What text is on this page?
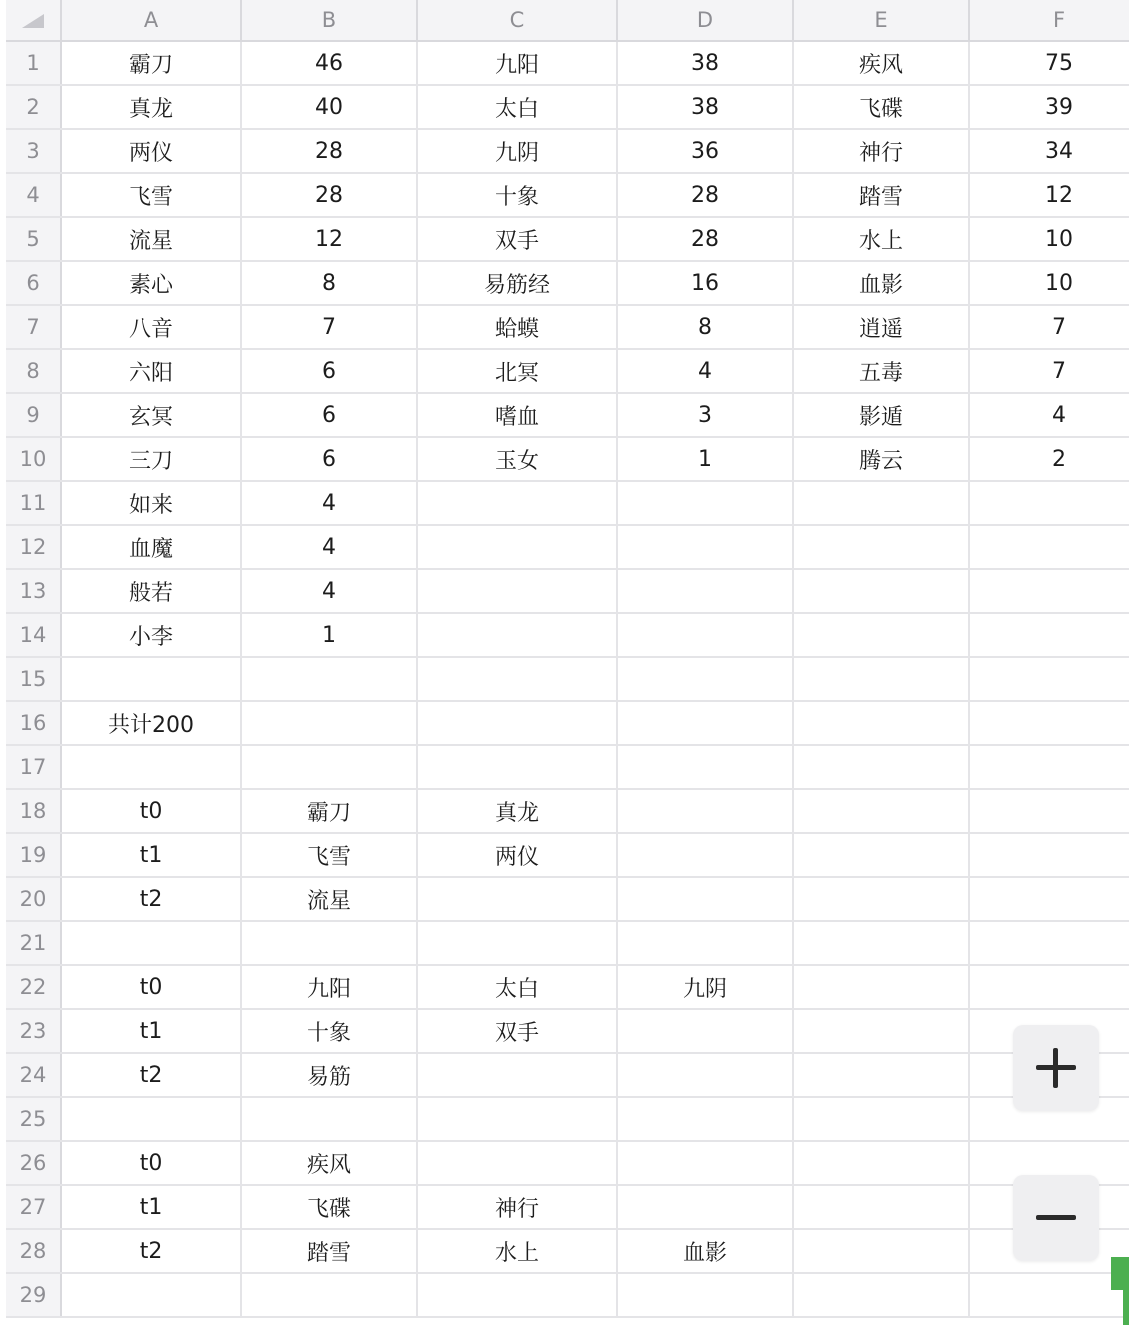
A	B	C	D	E	F
1	霸刀	46	九阳	38	疾风	75
2	真龙	40	太白	38	飞碟	39
3	两仪	28	九阴	36	神行	34
4	飞雪	28	十象	28	踏雪	12
5	流星	12	双手	28	水上	10
6	素心	8	易筋经	16	血影	10
7	八音	7	蛤蟆	8	逍遥	7
8	六阳	6	北冥	4	五毒	7
9	玄冥	6	嗜血	3	影遁	4
10	三刀	6	玉女	1	腾云	2
11	如来	4
12	血魔	4
13	般若	4
14	小李	1
15
16	共计200
17
18	t0	霸刀	真龙
19	t1	飞雪	两仪
20	t2	流星
21
22	t0	九阳	太白	九阴
23	t1	十象	双手
24	t2	易筋
25
26	t0	疾风
27	t1	飞碟	神行
28	t2	踏雪	水上	血影
29
